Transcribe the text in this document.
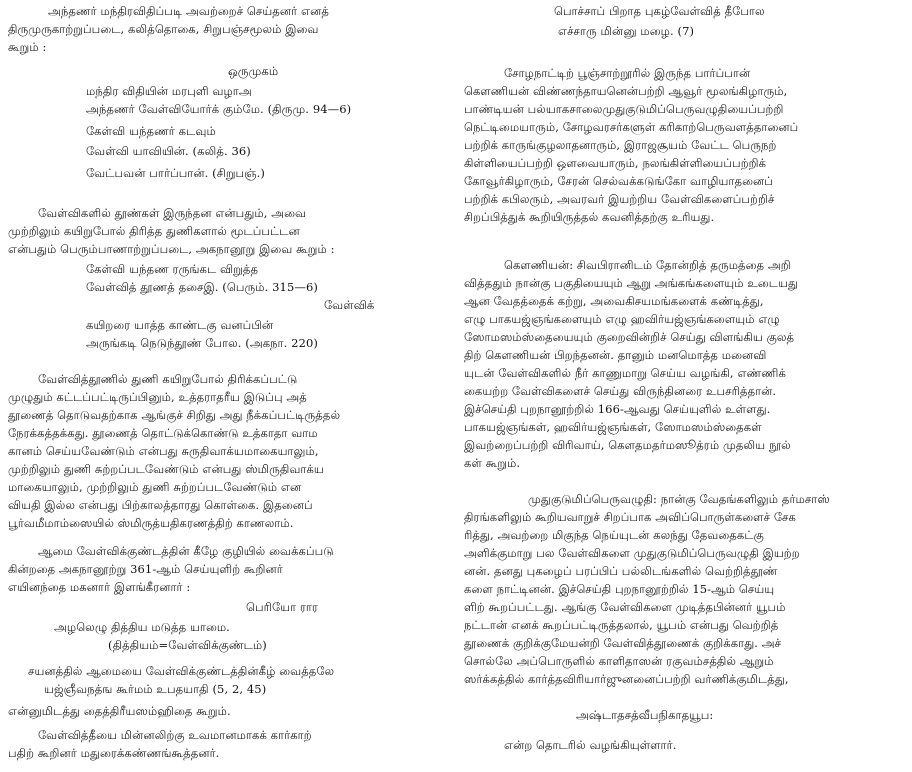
அந்தணர் மந்திரவிதிப்படி அவற்றைச் செய்தனர் எனத்
திருமுருகாற்றுப்படை, கலித்தொகை, சிறுபஞ்சமூலம் இவை
கூறும் :
ஒருமுகம்
மந்திர விதியின் மரபுளி வழாஅ
அந்தணர் வேள்வியோர்க் கும்மே. (திருமு. 94—6)
கேள்வி யந்தணர் கடவும்
வேள்வி யாவியின். (கலித். 36)
வேட்பவன் பார்ப்பான். (சிறுபஞ்.)
வேள்விகளில் தூண்கள் இருந்தன என்பதும், அவை
முற்றிலும் கயிறுபோல் திரித்த துணிகளால் மூடப்பட்டன
என்பதும் பெரும்பாணாற்றுப்படை, அகநானூறு இவை கூறும் :
கேள்வி யந்தண ரருங்கட விறுத்த
வேள்வித் தூணத் தசைஇ. (பெரும். 315—6)
வேள்விக்
கயிறரை யாத்த காண்டகு வனப்பின்
அருங்கடி நெடுந்தூண் போல. (அகநா. 220)
வேள்வித்தூணில் துணி கயிறுபோல் திரிக்கப்பட்டு
முழுதும் கட்டப்பட்டிருப்பினும், உத்தராதரீய இடுப்பு அத்
தூணைத் தொடுவதற்காக ஆங்குச் சிறிது அது நீக்கப்பட்டிருத்தல்
நேரக்கத்தக்கது. தூணைத் தொட்டுக்கொண்டு உத்காதா வாம
கானம் செய்யவேண்டும் என்பது சுருதிவாக்யமாகையாலும்,
முற்றிலும் துணி சுற்றப்படவேண்டும் என்பது ஸ்மிருதிவாக்ய
மாகையாலும், முற்றிலும் துணி சுற்றப்படவேண்டும் என
வியதி இல்ல என்பது பிற்காலத்தாரது கொள்கை. இதனைப்
பூர்வமீமாம்ஸையில் ஸ்மிருத்யதிகரணத்திற் காணலாம்.
ஆமை வேள்விக்குண்டத்தின் கீழே குழியில் வைக்கப்படு
கின்றதை அகநானூற்று 361-ஆம் செய்யுளிற் கூறினர்
எயினந்தை மகனார் இளங்கீரனார் :
பெரியோ ரார
அழலெழு தித்திய மடுத்த யாமை.
(தித்தியம்=வேள்விக்குண்டம்)
சயனத்தில் ஆமையை வேள்விக்குண்டத்தின்கீழ் வைத்தலே
யஜ்ஞீவநத்ங கூர்மம் உபதயாதி (5, 2, 45)
என்னுமிடத்து தைத்திரீயஸம்ஹிதை கூறும்.
வேள்வித்தீயை மின்னலிற்கு உவமானமாகக் கார்காற்
பதிற் கூறினர் மதுரைக்கண்ணங்கூத்தனர்.
பொச்சாப் பிறாத புகழ்வேள்வித் தீபோல
எச்சாரு மின்னு மழை. (7)
சோழநாட்டிற் பூஞ்சாற்றூரில் இருந்த பார்ப்பான்
கௌணியன் விண்ணந்தாயனென்பற்றி ஆவூர் மூலங்கிழாரும்,
பாண்டியன் பல்யாகசாலைமுதுகுடுமிப்பெருவழுதியைப்பற்றி
நெட்டிமையாரும், சோழவரசர்களுள் கரிகாற்பெருவளத்தானைப்
பற்றிக் காருங்குழலாதனாரும், இராஜசூயம் வேட்ட பெருநற்
கிள்ளியைப்பற்றி ஒளவையாரும், நலங்கிள்ளியைப்பற்றிக்
கோவூர்கிழாரும், சேரன் செல்வக்கடுங்கோ வாழியாதனைப்
பற்றிக் கபிலரும், அவரவர் இயற்றிய வேள்விகளைப்பற்றிச்
சிறப்பித்துக் கூறியிருத்தல் கவனித்தற்கு உரியது.
கௌணியன்: சிவபிரானிடம் தோன்றித் தருமத்தை அறி
வித்ததும் நான்கு பகுதியையும் ஆறு அங்கங்களையும் உடையது
ஆன வேதத்தைக் கற்று, அவைகிசயமங்களைக் கண்டித்து,
எழு பாகயஜ்ஞங்களையும் எழு ஹவிர்யஜ்ஞங்களையும் எழு
ஸோமஸம்ஸ்தையையும் குறைவின்றிச் செய்து விளங்கிய குலத்
திற் கௌணியன் பிறந்தனன். தானும் மனமொத்த மனைவி
யுடன் வேள்விகளில் நீர் காணுமாறு செய்ய வழங்கி, எண்ணிக்
கையற்ற வேள்விகளைச் செய்து விருந்தினரை உபசரித்தான்.
இச்செய்தி புறநானூற்றில் 166-ஆவது செய்யுளில் உள்ளது.
பாகயஜ்ஞங்கள், ஹவிர்யஜ்ஞங்கள், ஸோமஸம்ஸ்தைகள்
இவற்றைப்பற்றி விரிவாய், கௌதமதர்மஸூத்ரம் முதலிய நூல்
கள் கூறும்.
முதுகுடுமிப்பெருவழுதி: நான்கு வேதங்களிலும் தர்மசாஸ்
திரங்களிலும் கூறியவாறுச் சிறப்பாக அவிப்பொருள்களைச் சேக
ரித்து, அவற்றை மிகுந்த நெய்யுடன் கலந்து தேவதைகட்கு
அளிக்குமாறு பல வேள்விகளை முதுகுடுமிப்பெருவழுதி இயற்ற
னன். தனது புகழைப் பரப்பிப் பல்லிடங்களில் வெற்றித்தூண்
களை நாட்டினன். இச்செய்தி புறநானூற்றில் 15-ஆம் செய்யு
ளிற் கூறப்பட்டது. ஆங்கு வேள்விகளை முடித்தபின்னர் யூபம்
நட்டான் எனக் கூறப்பட்டிருத்தலால், யூபம் என்பது வெற்றித்
தூணைக் குறிக்குமேயன்றி வேள்வித்தூணைக் குறிக்காது. அச்
சொல்லே அப்பொருளில் காளிதாஸன் ரகுவம்சத்தில் ஆறும்
ஸர்க்கத்தில் கார்த்தவிரியார்ஜுனனைப்பற்றி வர்ணிக்குமிடத்து,
அஷ்டாதசத்வீபநிகாதயூப:
என்ற தொடரில் வழங்கியுள்ளார்.
